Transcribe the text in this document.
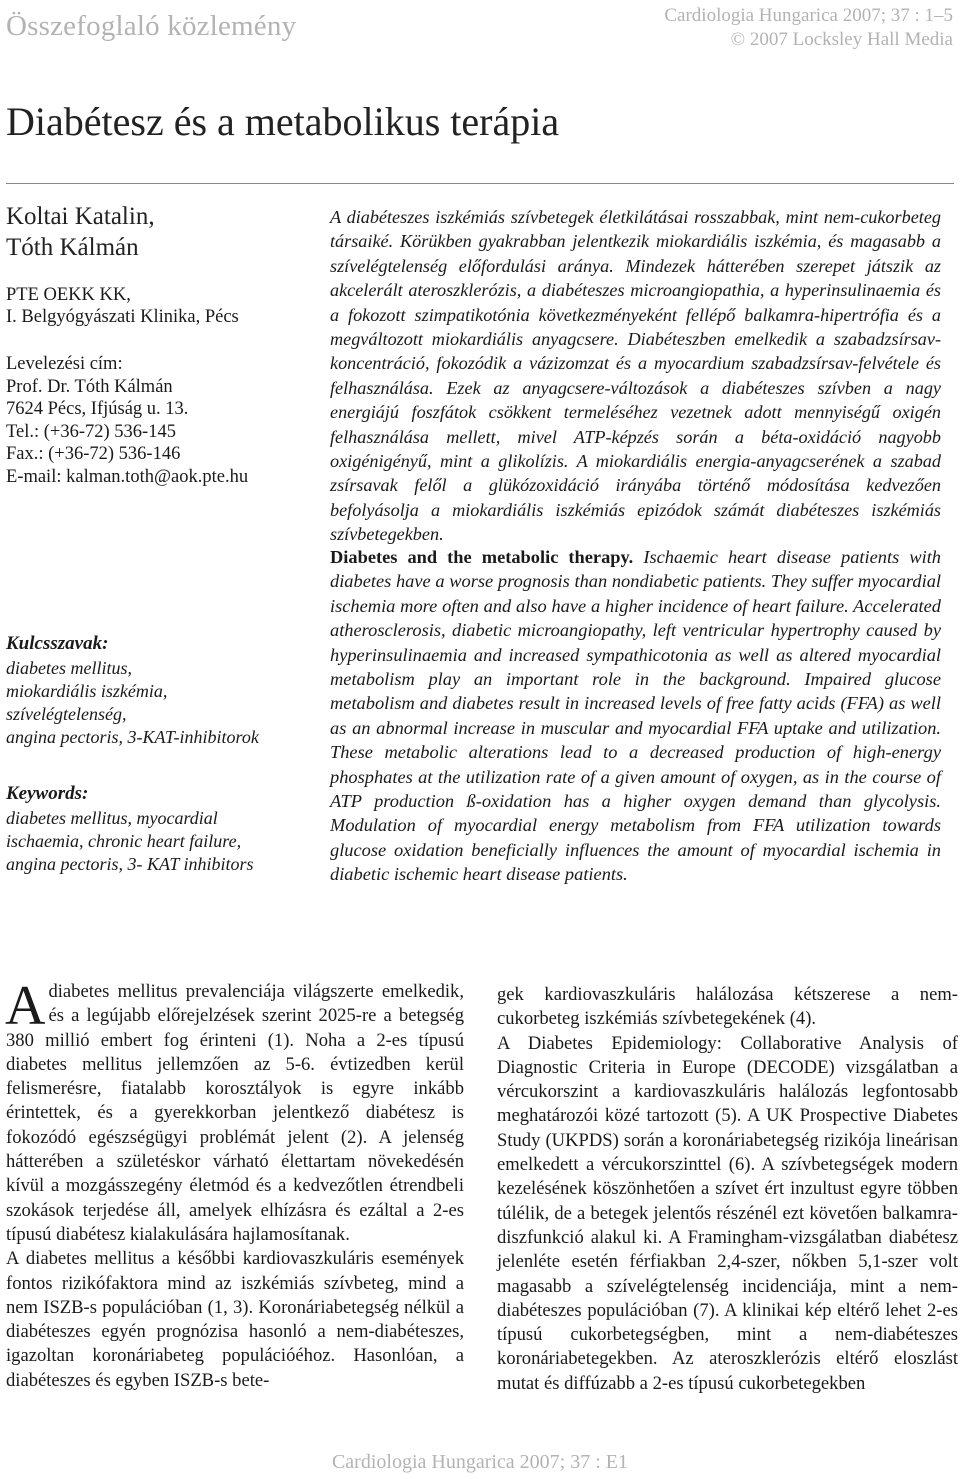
Összefoglaló közlemény	Cardiologia Hungarica 2007; 37 : 1–5
© 2007 Locksley Hall Media
Diabétesz és a metabolikus terápia
Koltai Katalin,
Tóth Kálmán
PTE OEKK KK,
I. Belgyógyászati Klinika, Pécs
Levelezési cím:
Prof. Dr. Tóth Kálmán
7624 Pécs, Ifjúság u. 13.
Tel.: (+36-72) 536-145
Fax.: (+36-72) 536-146
E-mail: kalman.toth@aok.pte.hu
Kulcsszavak:
diabetes mellitus,
miokardiális iszkémia,
szívelégtelenség,
angina pectoris, 3-KAT-inhibitorok
Keywords:
diabetes mellitus, myocardial
ischaemia, chronic heart failure,
angina pectoris, 3- KAT inhibitors
A diabéteszes iszkémiás szívbetegek életkilátásai rosszabbak, mint nem-cukorbeteg társaiké. Körükben gyakrabban jelentkezik miokardiális iszkémia, és magasabb a szívelégtelenség előfordulási aránya. Mindezek hátterében szerepet játszik az akcelerált ateroszklerózis, a diabéteszes microangiopathia, a hyperinsulinaemia és a fokozott szimpatikotónia következményeként fellépő balkamra-hipertrófia és a megváltozott miokardiális anyagcsere. Diabéteszben emelkedik a szabadzsírsav-koncentráció, fokozódik a vázizomzat és a myocardium szabadzsírsav-felvétele és felhasználása. Ezek az anyagcsere-változások a diabéteszes szívben a nagy energiájú foszfátok csökkent termeléséhez vezetnek adott mennyiségű oxigén felhasználása mellett, mivel ATP-képzés során a béta-oxidáció nagyobb oxigénigényű, mint a glikolízis. A miokardiális energia-anyagcserének a szabad zsírsavak felől a glükózoxidáció irányába történő módosítása kedvezően befolyásolja a miokardiális iszkémiás epizódok számát diabéteszes iszkémiás szívbetegekben.
Diabetes and the metabolic therapy. Ischaemic heart disease patients with diabetes have a worse prognosis than nondiabetic patients. They suffer myocardial ischemia more often and also have a higher incidence of heart failure. Accelerated atherosclerosis, diabetic microangiopathy, left ventricular hypertrophy caused by hyperinsulinaemia and increased sympathicotonia as well as altered myocardial metabolism play an important role in the background. Impaired glucose metabolism and diabetes result in increased levels of free fatty acids (FFA) as well as an abnormal increase in muscular and myocardial FFA uptake and utilization. These metabolic alterations lead to a decreased production of high-energy phosphates at the utilization rate of a given amount of oxygen, as in the course of ATP production ß-oxidation has a higher oxygen demand than glycolysis. Modulation of myocardial energy metabolism from FFA utilization towards glucose oxidation beneficially influences the amount of myocardial ischemia in diabetic ischemic heart disease patients.

Adiabetes mellitus prevalenciája világszerte emelkedik, és a legújabb előrejelzések szerint 2025-re a betegség 380 millió embert fog érinteni (1). Noha a 2-es típusú diabetes mellitus jellemzően az 5-6. évtizedben kerül felismerésre, fiatalabb korosztályok is egyre inkább érintettek, és a gyerekkorban jelentkező diabétesz is fokozódó egészségügyi problémát jelent (2). A jelenség hátterében a születéskor várható élettartam növekedésén kívül a mozgásszegény életmód és a kedvezőtlen étrendbeli szokások terjedése áll, amelyek elhízásra és ezáltal a 2-es típusú diabétesz kialakulására hajlamosítanak.

A diabetes mellitus a későbbi kardiovaszkuláris események fontos rizikófaktora mind az iszkémiás szívbeteg, mind a nem ISZB-s populációban (1, 3). Koronáriabetegség nélkül a diabéteszes egyén prognózisa hasonló a nem-diabéteszes, igazoltan koronáriabeteg populációéhoz. Hasonlóan, a diabéteszes és egyben ISZB-s bete-

gek kardiovaszkuláris halálozása kétszerese a nem-cukorbeteg iszkémiás szívbetegekének (4).

A Diabetes Epidemiology: Collaborative Analysis of Diagnostic Criteria in Europe (DECODE) vizsgálatban a vércukorszint a kardiovaszkuláris halálozás legfontosabb meghatározói közé tartozott (5). A UK Prospective Diabetes Study (UKPDS) során a koronáriabetegség rizikója lineárisan emelkedett a vércukorszinttel (6). A szívbetegségek modern kezelésének köszönhetően a szívet ért inzultust egyre többen túlélik, de a betegek jelentős részénél ezt követően balkamra-diszfunkció alakul ki. A Framingham-vizsgálatban diabétesz jelenléte esetén férfiakban 2,4-szer, nőkben 5,1-szer volt magasabb a szívelégtelenség incidenciája, mint a nem-diabéteszes populációban (7). A klinikai kép eltérő lehet 2-es típusú cukorbetegségben, mint a nem-diabéteszes koronáriabetegekben. Az ateroszklerózis eltérő eloszlást mutat és diffúzabb a 2-es típusú cukorbetegekben

Cardiologia Hungarica 2007; 37 : E1
